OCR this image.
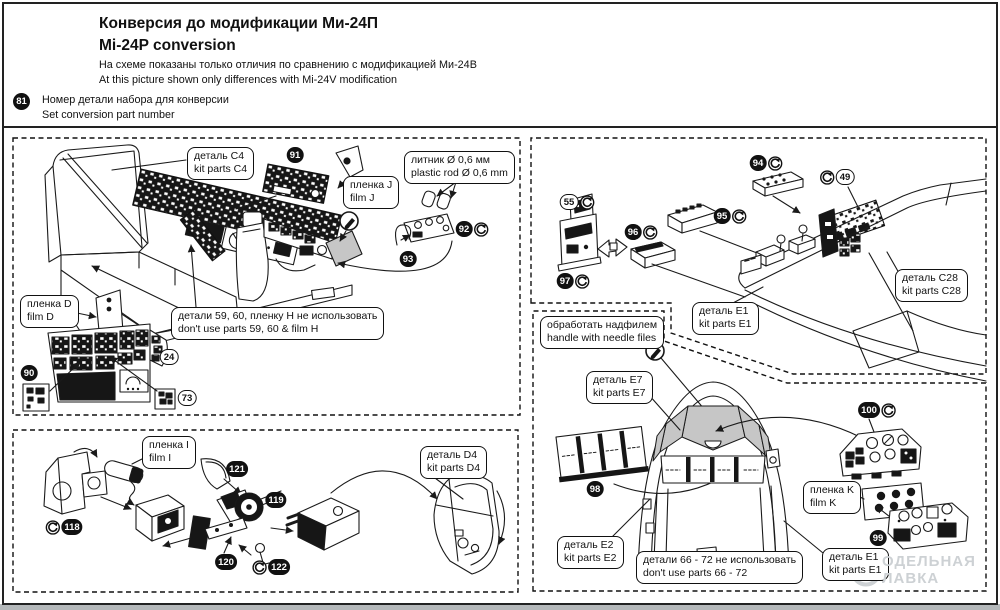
Конверсия до модификации Ми-24П
Mi-24P conversion
На схеме показаны только отличия по сравнению с модификацией Ми-24В
At this picture shown only differences with Mi-24V modification
81 Номер детали набора для конверсии
Set conversion part number
деталь C4
kit parts C4
пленка J
film J
литник Ø 0,6 мм
plastic rod Ø 0,6 mm
пленка D
film D	детали 59, 60, пленку H не использовать
don't use parts 59, 60 & film H
пленка I
film I	деталь D4
kit parts D4
обработать надфилем
handle with needle files
деталь E1
kit parts E1
деталь C28
kit parts C28
деталь E7
kit parts E7
деталь E2
kit parts E2	детали 66 - 72 не использовать
don't use parts 66 - 72
пленка K
film K
деталь E1
kit parts E1
91
92
93
90
24
73
118
121
119
120	122
55
96
97
95
94
49
98
100
99
ОДЕЛЬНАЯ
ЛАВКА
